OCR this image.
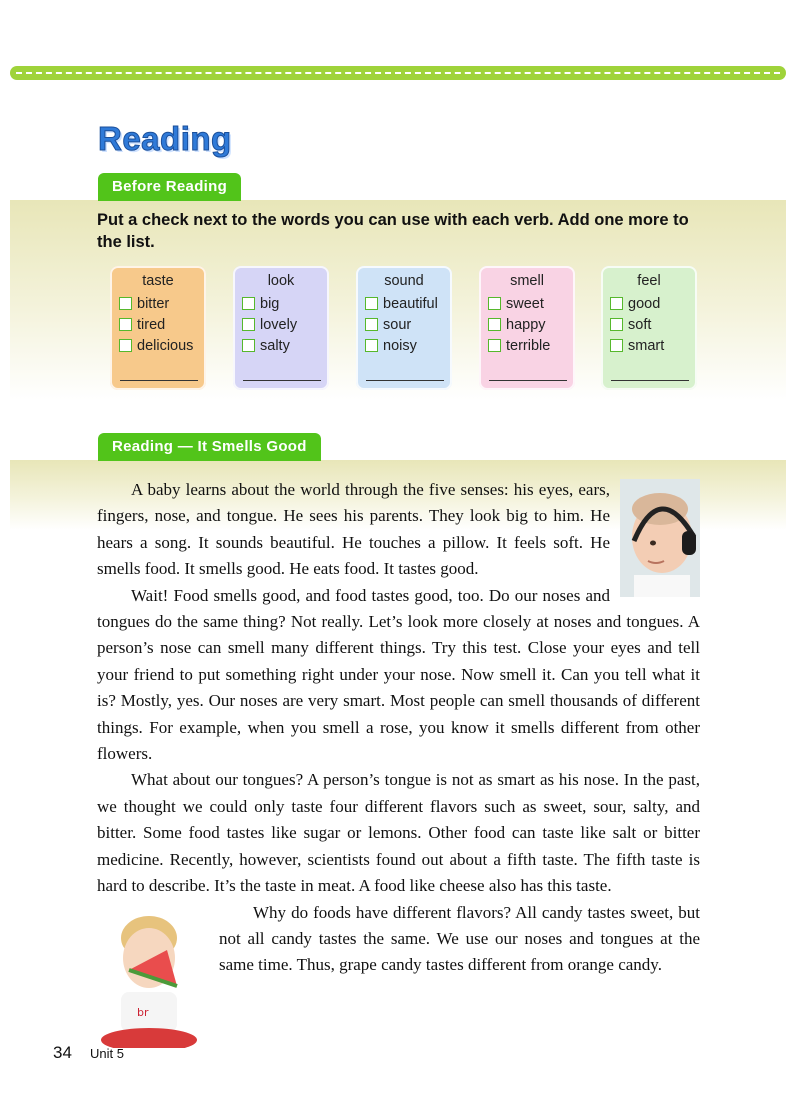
Reading
Before Reading
Put a check next to the words you can use with each verb. Add one more to the list.
taste
bitter
tired
delicious
look
big
lovely
salty
sound
beautiful
sour
noisy
smell
sweet
happy
terrible
feel
good
soft
smart
Reading — It Smells Good

A baby learns about the world through the five senses: his eyes, ears, fingers, nose, and tongue. He sees his parents. They look big to him. He hears a song. It sounds beautiful. He touches a pillow. It feels soft. He smells food. It smells good. He eats food. It tastes good.

Wait! Food smells good, and food tastes good, too. Do our noses and tongues do the same thing? Not really. Let’s look more closely at noses and tongues. A person’s nose can smell many different things. Try this test. Close your eyes and tell your friend to put something right under your nose. Now smell it. Can you tell what it is? Mostly, yes. Our noses are very smart. Most people can smell thousands of different things. For example, when you smell a rose, you know it smells different from other flowers.

What about our tongues? A person’s tongue is not as smart as his nose. In the past, we thought we could only taste four different flavors such as sweet, sour, salty, and bitter. Some food tastes like sugar or lemons. Other food can taste like salt or bitter medicine. Recently, however, scientists found out about a fifth taste. The fifth taste is hard to describe. It’s the taste in meat. A food like cheese also has this taste.

br

Why do foods have different flavors? All candy tastes sweet, but not all candy tastes the same. We use our noses and tongues at the same time. Thus, grape candy tastes different from orange candy.

34 Unit 5
